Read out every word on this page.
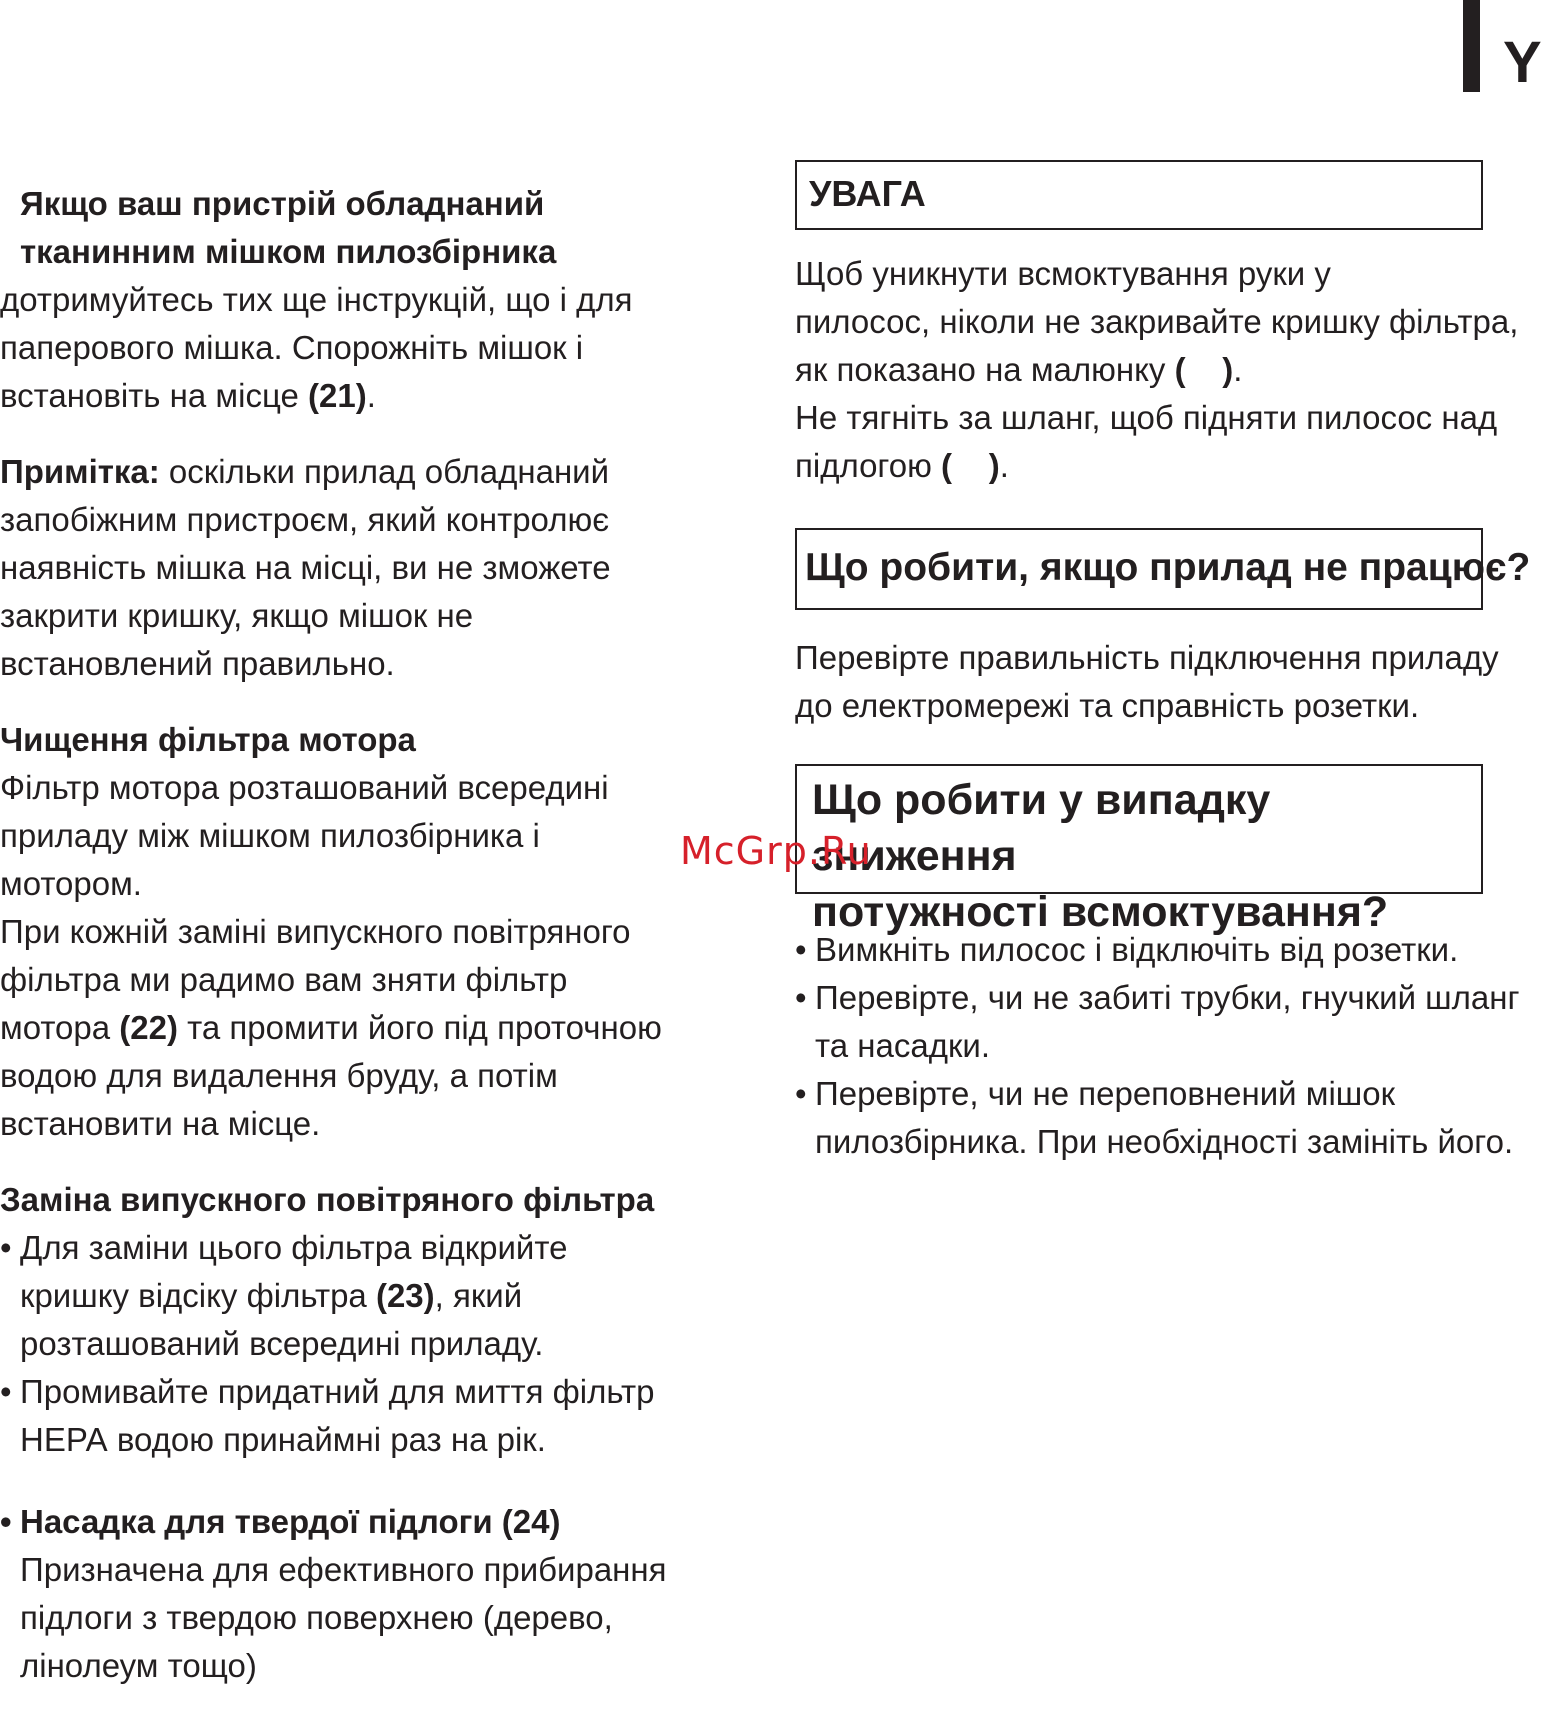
Y

Якщо ваш пристрій обладнаний
тканинним мішком пилозбірника

дотримуйтесь тих ще інструкцій, що і для
паперового мішка. Спорожніть мішок і
встановіть на місце (21).

Примітка: оскільки прилад обладнаний
запобіжним пристроєм, який контролює
наявність мішка на місці, ви не зможете
закрити кришку, якщо мішок не
встановлений правильно.

Чищення фільтра мотора

Фільтр мотора розташований всередині
приладу між мішком пилозбірника і
мотором.
При кожній заміні випускного повітряного
фільтра ми радимо вам зняти фільтр
мотора (22) та промити його під проточною
водою для видалення бруду, а потім
встановити на місце.

Заміна випускного повітряного фільтра

• Для заміни цього фільтра відкрийте
кришку відсіку фільтра (23), який
розташований всередині приладу.
• Промивайте придатний для миття фільтр
НЕРА водою принаймні раз на рік.
• Насадка для твердої підлоги (24)
Призначена для ефективного прибирання
підлоги з твердою поверхнею (дерево,
лінолеум тощо)
УВАГА

Щоб уникнути всмоктування руки у
пилосос, ніколи не закривайте кришку фільтра,
як показано на малюнку (    ).
Не тягніть за шланг, щоб підняти пилосос над
підлогою (    ).

Що робити, якщо прилад не працює?

Перевірте правильність підключення приладу
до електромережі та справність розетки.

Що робити у випадку зниження
потужності всмоктування?
• Вимкніть пилосос і відключіть від розетки.
• Перевірте, чи не забиті трубки, гнучкий шланг
та насадки.
• Перевірте, чи не переповнений мішок
пилозбірника. При необхідності замініть його.
McGrp.Ru
